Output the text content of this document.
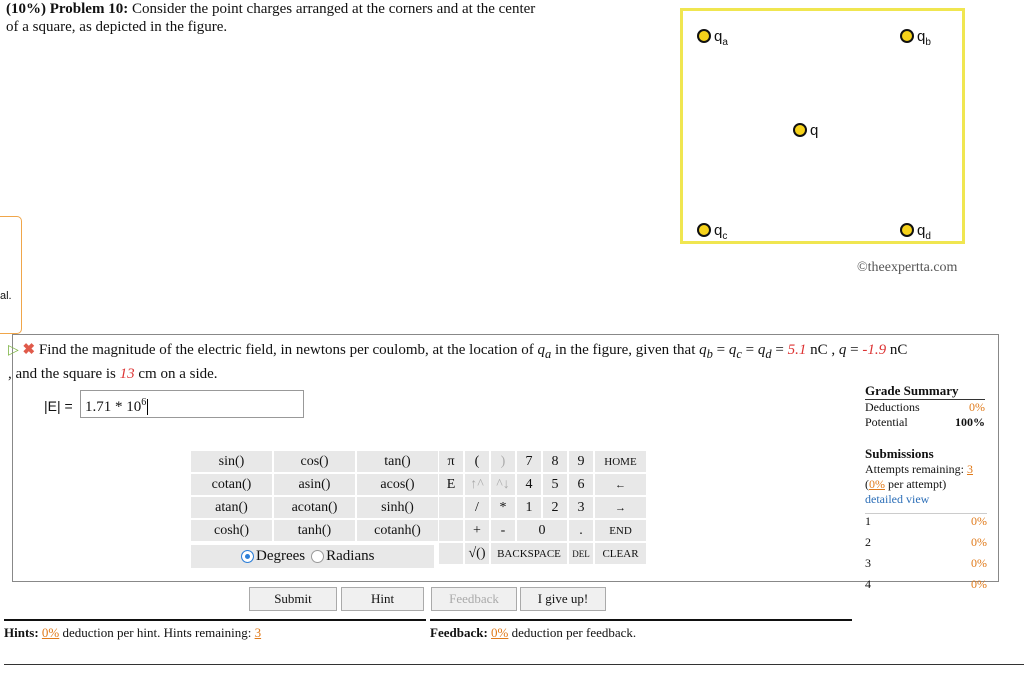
(10%) Problem 10: Consider the point charges arranged at the corners and at the center
of a square, as depicted in the figure.
$q_a$	$q_b$
q
$q_c$	$q_d$
©theexpertta.com
al.
▷ ✖ Find the magnitude of the electric field, in newtons per coulomb, at the location of $q_a$ in the figure, given that $q_b = q_c = q_d = 5.1$ nC , q = -1.9 nC
, and the square is 13 cm on a side.
$|E| = 1.71 * 10^6$
sin()	cos()	tan()
cotan()	asin()	acos()
atan()	acotan()	sinh()
cosh()	tanh()	cotanh()
Degrees Radians
π	(	)	7	8	9	HOME
E	↑^	^↓	4	5	6	←
	/	*	1	2	3	→
	+	-	0		.	END
	√()	BACKSPACE			DEL	CLEAR
Submit	Hint	Feedback	I give up!
Grade Summary
Deductions	0%
Potential	100%
Submissions
Attempts remaining: 3
(0% per attempt)
detailed view
1	0%
2	0%
3	0%
4	0%
Hints: 0% deduction per hint. Hints remaining: 3	Feedback: 0% deduction per feedback.
